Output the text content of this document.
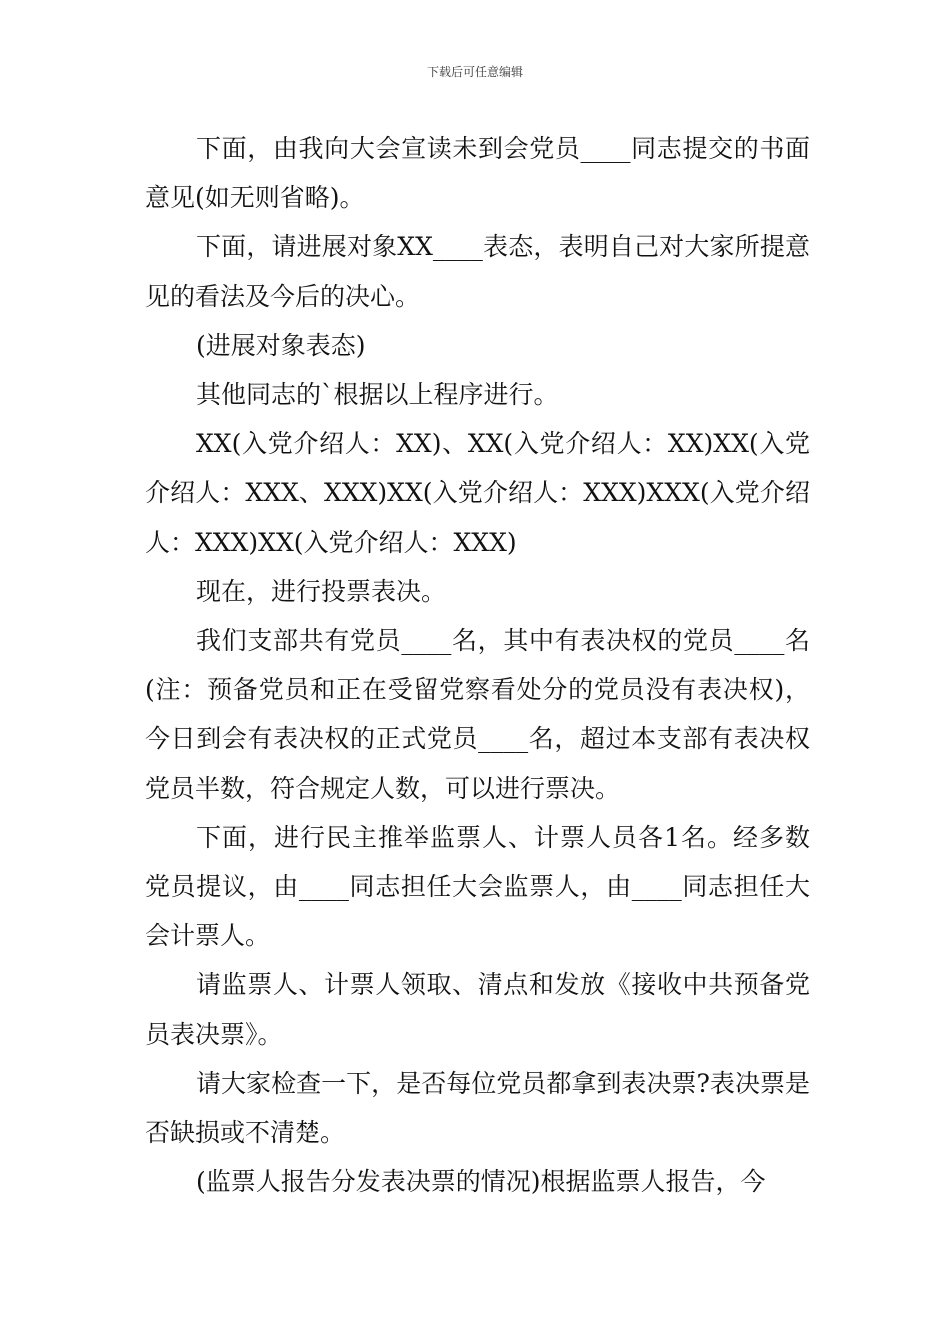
下载后可任意编辑

下面，由我向大会宣读未到会党员____同志提交的书面意见(如无则省略)。

下面，请进展对象XX____表态，表明自己对大家所提意见的看法及今后的决心。

(进展对象表态)

其他同志的`根据以上程序进行。

XX(入党介绍人：XX)、XX(入党介绍人：XX)XX(入党介绍人：XXX、XXX)XX(入党介绍人：XXX)XXX(入党介绍人：XXX)XX(入党介绍人：XXX)

现在，进行投票表决。

我们支部共有党员____名，其中有表决权的党员____名(注：预备党员和正在受留党察看处分的党员没有表决权)，今日到会有表决权的正式党员____名，超过本支部有表决权党员半数，符合规定人数，可以进行票决。

下面，进行民主推举监票人、计票人员各1名。经多数党员提议，由____同志担任大会监票人，由____同志担任大会计票人。

请监票人、计票人领取、清点和发放《接收中共预备党员表决票》。

请大家检查一下，是否每位党员都拿到表决票?表决票是否缺损或不清楚。

(监票人报告分发表决票的情况)根据监票人报告，今
